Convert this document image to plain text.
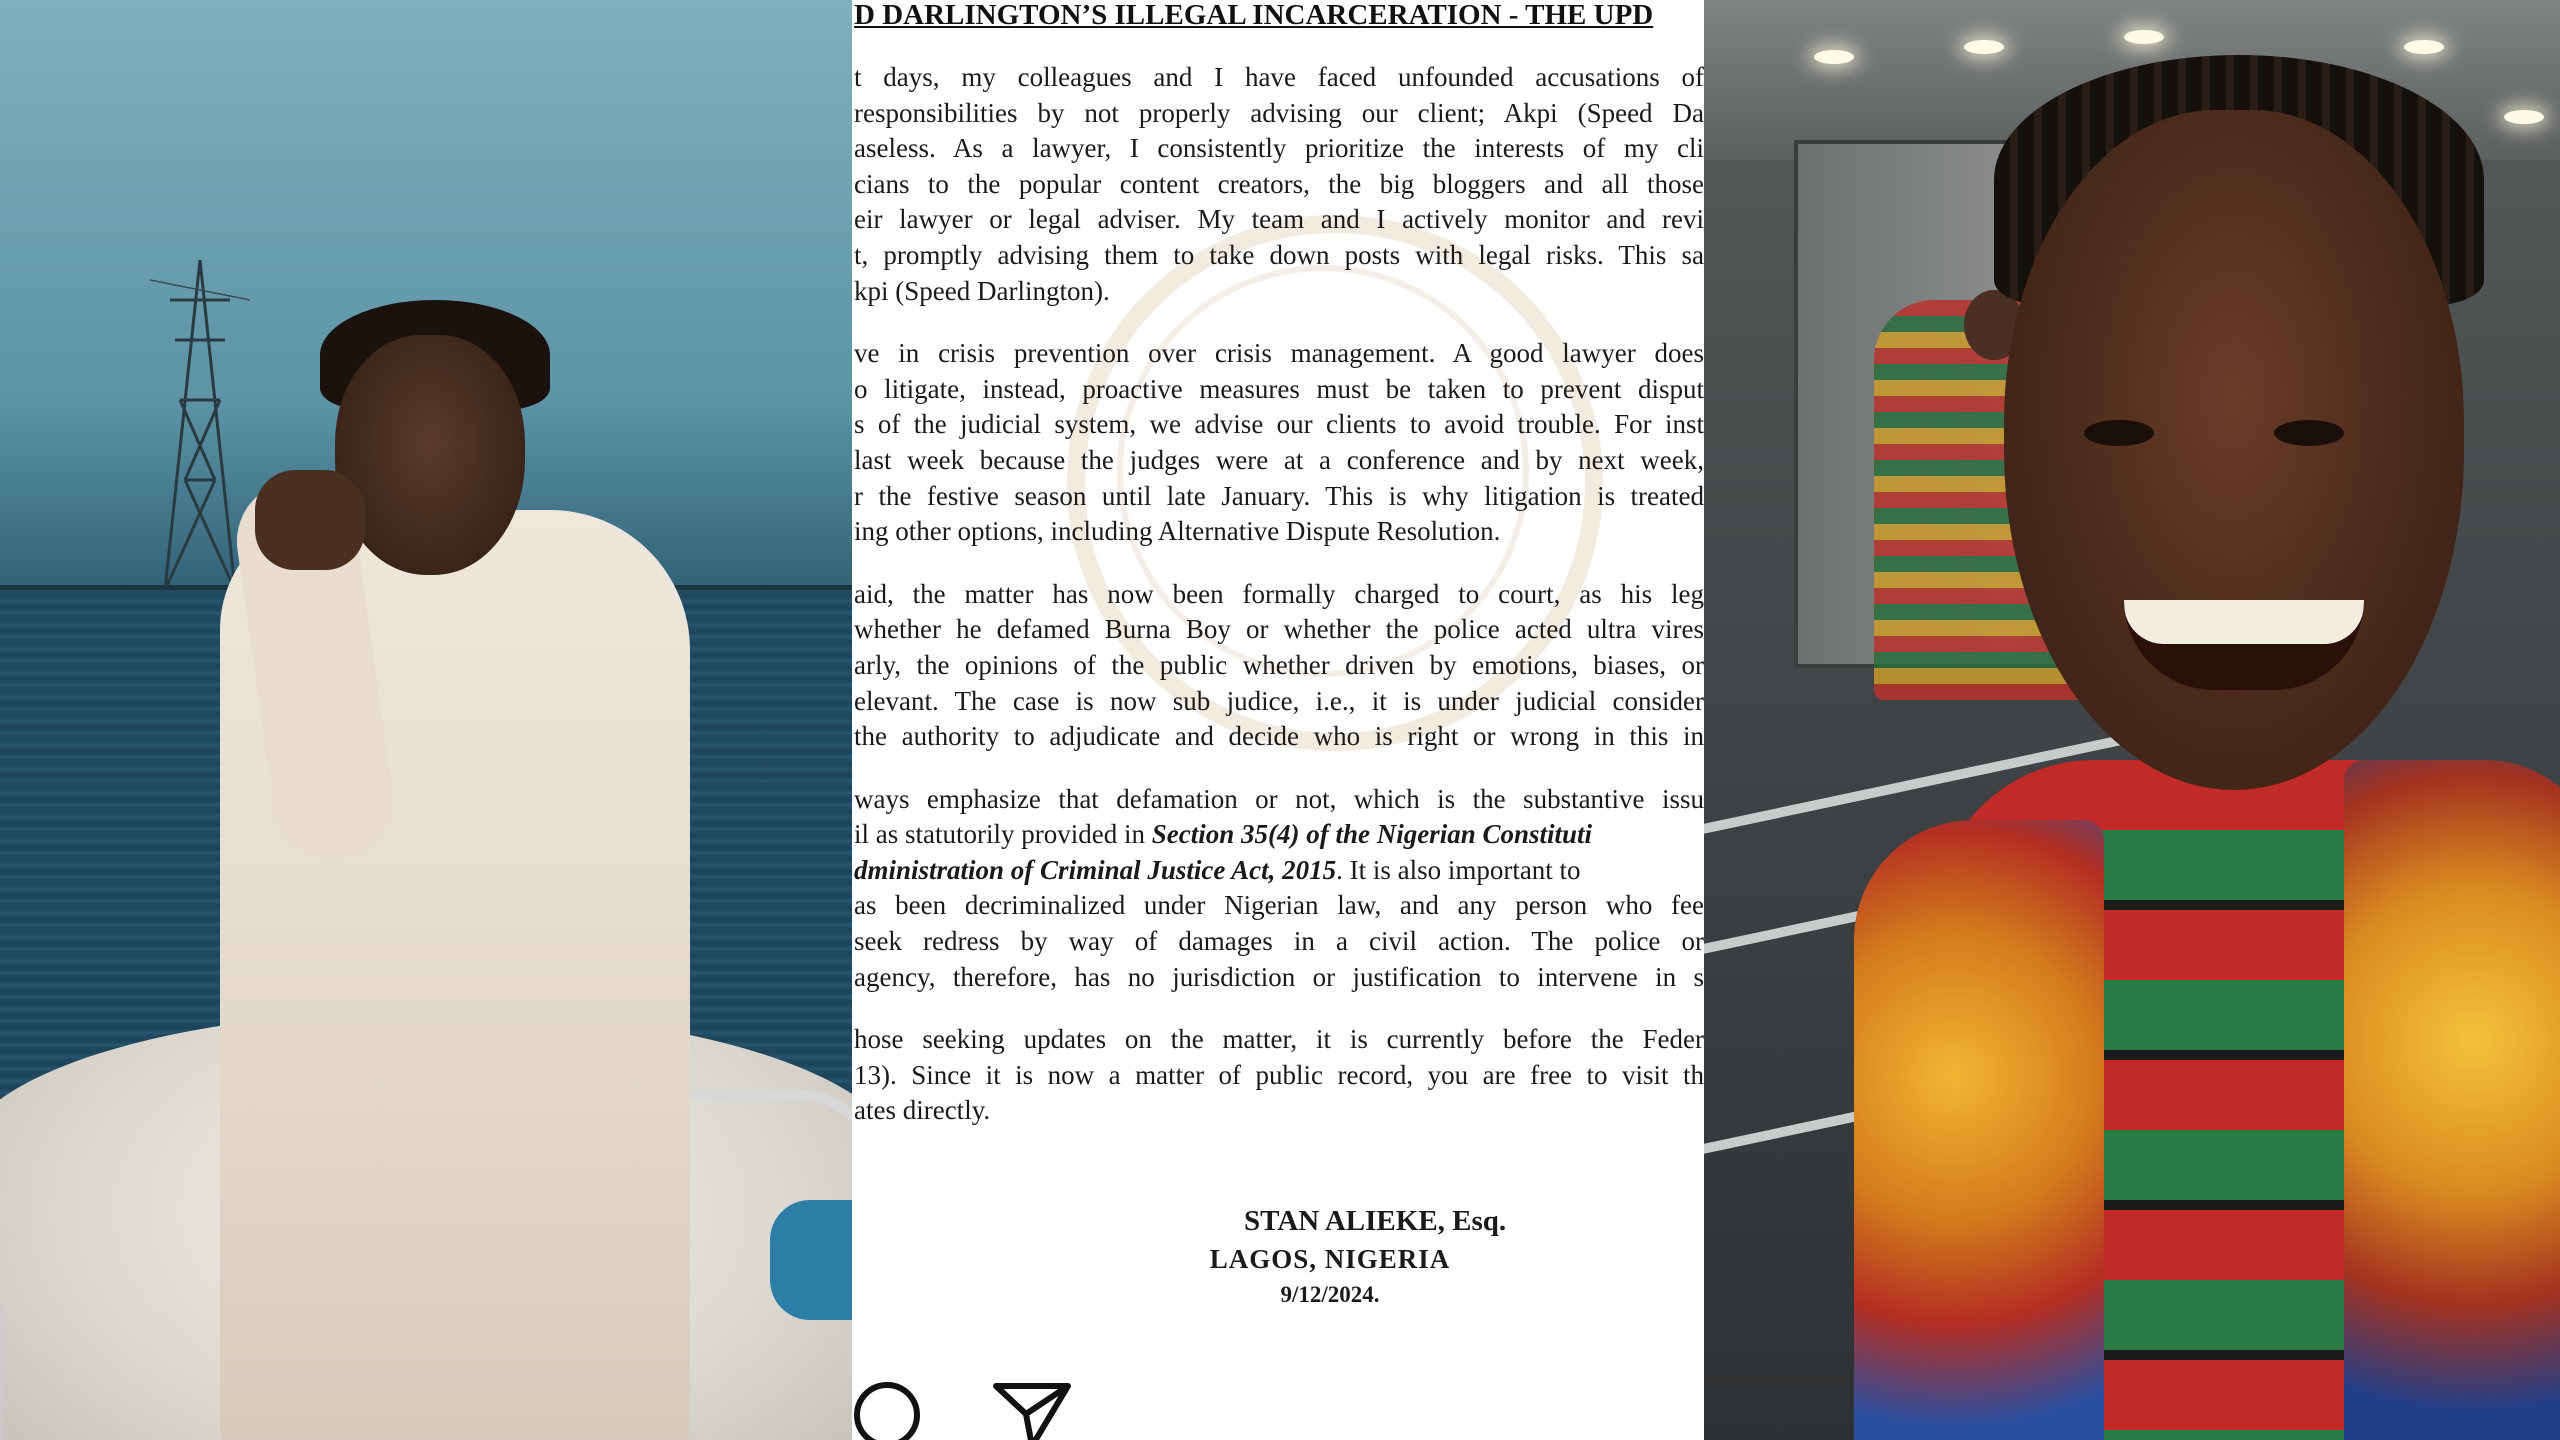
D DARLINGTON’S ILLEGAL INCARCERATION - THE UPD
t days, my colleagues and I have faced unfounded accusations of
responsibilities by not properly advising our client; Akpi (Speed Da
aseless. As a lawyer, I consistently prioritize the interests of my cli
cians to the popular content creators, the big bloggers and all those
eir lawyer or legal adviser. My team and I actively monitor and revi
t, promptly advising them to take down posts with legal risks. This sa
kpi (Speed Darlington).
ve in crisis prevention over crisis management. A good lawyer does
o litigate, instead, proactive measures must be taken to prevent disput
s of the judicial system, we advise our clients to avoid trouble. For inst
last week because the judges were at a conference and by next week,
r the festive season until late January. This is why litigation is treated
ing other options, including Alternative Dispute Resolution.
aid, the matter has now been formally charged to court, as his leg
whether he defamed Burna Boy or whether the police acted ultra vires
arly, the opinions of the public whether driven by emotions, biases, or
elevant. The case is now sub judice, i.e., it is under judicial consider
the authority to adjudicate and decide who is right or wrong in this in
ways emphasize that defamation or not, which is the substantive issu
il as statutorily provided in Section 35(4) of the Nigerian Constituti
dministration of Criminal Justice Act, 2015. It is also important to
as been decriminalized under Nigerian law, and any person who fee
seek redress by way of damages in a civil action. The police or
agency, therefore, has no jurisdiction or justification to intervene in s
hose seeking updates on the matter, it is currently before the Feder
13). Since it is now a matter of public record, you are free to visit th
ates directly.
STAN ALIEKE, Esq.
LAGOS, NIGERIA
9/12/2024.
